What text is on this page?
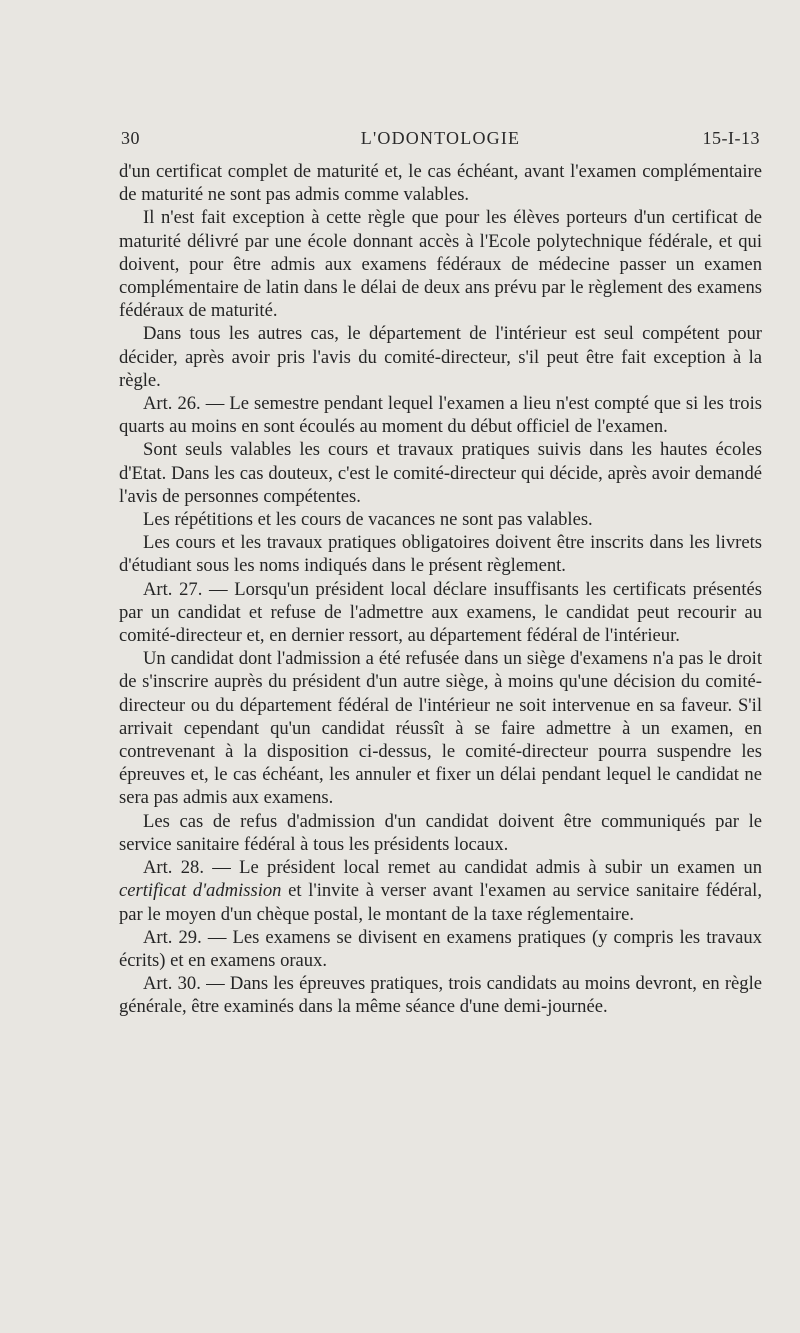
30	L'ODONTOLOGIE	15-I-13

d'un certificat complet de maturité et, le cas échéant, avant l'examen complémentaire de maturité ne sont pas admis comme valables.

Il n'est fait exception à cette règle que pour les élèves porteurs d'un certificat de maturité délivré par une école donnant accès à l'Ecole polytechnique fédérale, et qui doivent, pour être admis aux examens fédéraux de médecine passer un examen complémentaire de latin dans le délai de deux ans prévu par le règlement des examens fédéraux de maturité.

Dans tous les autres cas, le département de l'intérieur est seul compétent pour décider, après avoir pris l'avis du comité-directeur, s'il peut être fait exception à la règle.

Art. 26. — Le semestre pendant lequel l'examen a lieu n'est compté que si les trois quarts au moins en sont écoulés au moment du début officiel de l'examen.

Sont seuls valables les cours et travaux pratiques suivis dans les hautes écoles d'Etat. Dans les cas douteux, c'est le comité-directeur qui décide, après avoir demandé l'avis de personnes compétentes.

Les répétitions et les cours de vacances ne sont pas valables.

Les cours et les travaux pratiques obligatoires doivent être inscrits dans les livrets d'étudiant sous les noms indiqués dans le présent règlement.

Art. 27. — Lorsqu'un président local déclare insuffisants les certificats présentés par un candidat et refuse de l'admettre aux examens, le candidat peut recourir au comité-directeur et, en dernier ressort, au département fédéral de l'intérieur.

Un candidat dont l'admission a été refusée dans un siège d'examens n'a pas le droit de s'inscrire auprès du président d'un autre siège, à moins qu'une décision du comité-directeur ou du département fédéral de l'intérieur ne soit intervenue en sa faveur. S'il arrivait cependant qu'un candidat réussît à se faire admettre à un examen, en contrevenant à la disposition ci-dessus, le comité-directeur pourra suspendre les épreuves et, le cas échéant, les annuler et fixer un délai pendant lequel le candidat ne sera pas admis aux examens.

Les cas de refus d'admission d'un candidat doivent être communiqués par le service sanitaire fédéral à tous les présidents locaux.

Art. 28. — Le président local remet au candidat admis à subir un examen un certificat d'admission et l'invite à verser avant l'examen au service sanitaire fédéral, par le moyen d'un chèque postal, le montant de la taxe réglementaire.

Art. 29. — Les examens se divisent en examens pratiques (y compris les travaux écrits) et en examens oraux.

Art. 30. — Dans les épreuves pratiques, trois candidats au moins devront, en règle générale, être examinés dans la même séance d'une demi-journée.
